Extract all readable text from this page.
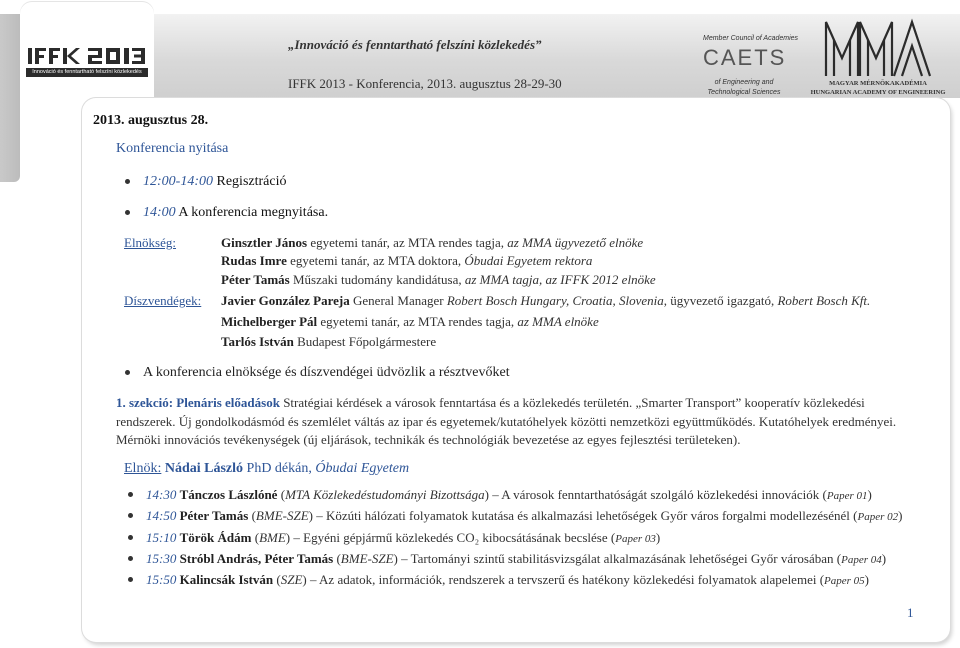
Innováció és fenntartható felszíni közlekedés
„Innováció és fenntartható felszíni közlekedés”
IFFK 2013 - Konferencia, 2013. augusztus 28-29-30
Member Council of Academies
CAETS
of Engineering and Technological Sciences
MAGYAR MÉRNÖKAKADÉMIA
HUNGARIAN ACADEMY OF ENGINEERING
2013. augusztus 28.
Konferencia nyitása
12:00-14:00 Regisztráció
14:00 A konferencia megnyitása.
Elnökség:	Ginsztler János egyetemi tanár, az MTA rendes tagja, az MMA ügyvezető elnöke
Rudas Imre egyetemi tanár, az MTA doktora, Óbudai Egyetem rektora
Péter Tamás Műszaki tudomány kandidátusa, az MMA tagja, az IFFK 2012 elnöke
Díszvendégek: Javier González Pareja General Manager Robert Bosch Hungary, Croatia, Slovenia, ügyvezető igazgató, Robert Bosch Kft.
Michelberger Pál egyetemi tanár, az MTA rendes tagja, az MMA elnöke
Tarlós István Budapest Főpolgármestere
A konferencia elnöksége és díszvendégei üdvözlik a résztvevőket
1. szekció: Plenáris előadások Stratégiai kérdések a városok fenntartása és a közlekedés területén. „Smarter Transport” kooperatív közlekedési
rendszerek. Új gondolkodásmód és szemlélet váltás az ipar és egyetemek/kutatóhelyek közötti nemzetközi együttműködés. Kutatóhelyek eredményei.
Mérnöki innovációs tevékenységek (új eljárások, technikák és technológiák bevezetése az egyes fejlesztési területeken).
Elnök: Nádai László PhD dékán, Óbudai Egyetem
14:30 Tánczos Lászlóné (MTA Közlekedéstudományi Bizottsága) – A városok fenntarthatóságát szolgáló közlekedési innovációk (Paper 01)
14:50 Péter Tamás (BME-SZE) – Közúti hálózati folyamatok kutatása és alkalmazási lehetőségek Győr város forgalmi modellezésénél (Paper 02)
15:10 Török Ádám (BME) – Egyéni gépjármű közlekedés CO₂ kibocsátásának becslése (Paper 03)
15:30 Stróbl András, Péter Tamás (BME-SZE) – Tartományi szintű stabilitásvizsgálat alkalmazásának lehetőségei Győr városában (Paper 04)
15:50 Kalincsák István (SZE) – Az adatok, információk, rendszerek a tervszerű és hatékony közlekedési folyamatok alapelemei (Paper 05)
1
